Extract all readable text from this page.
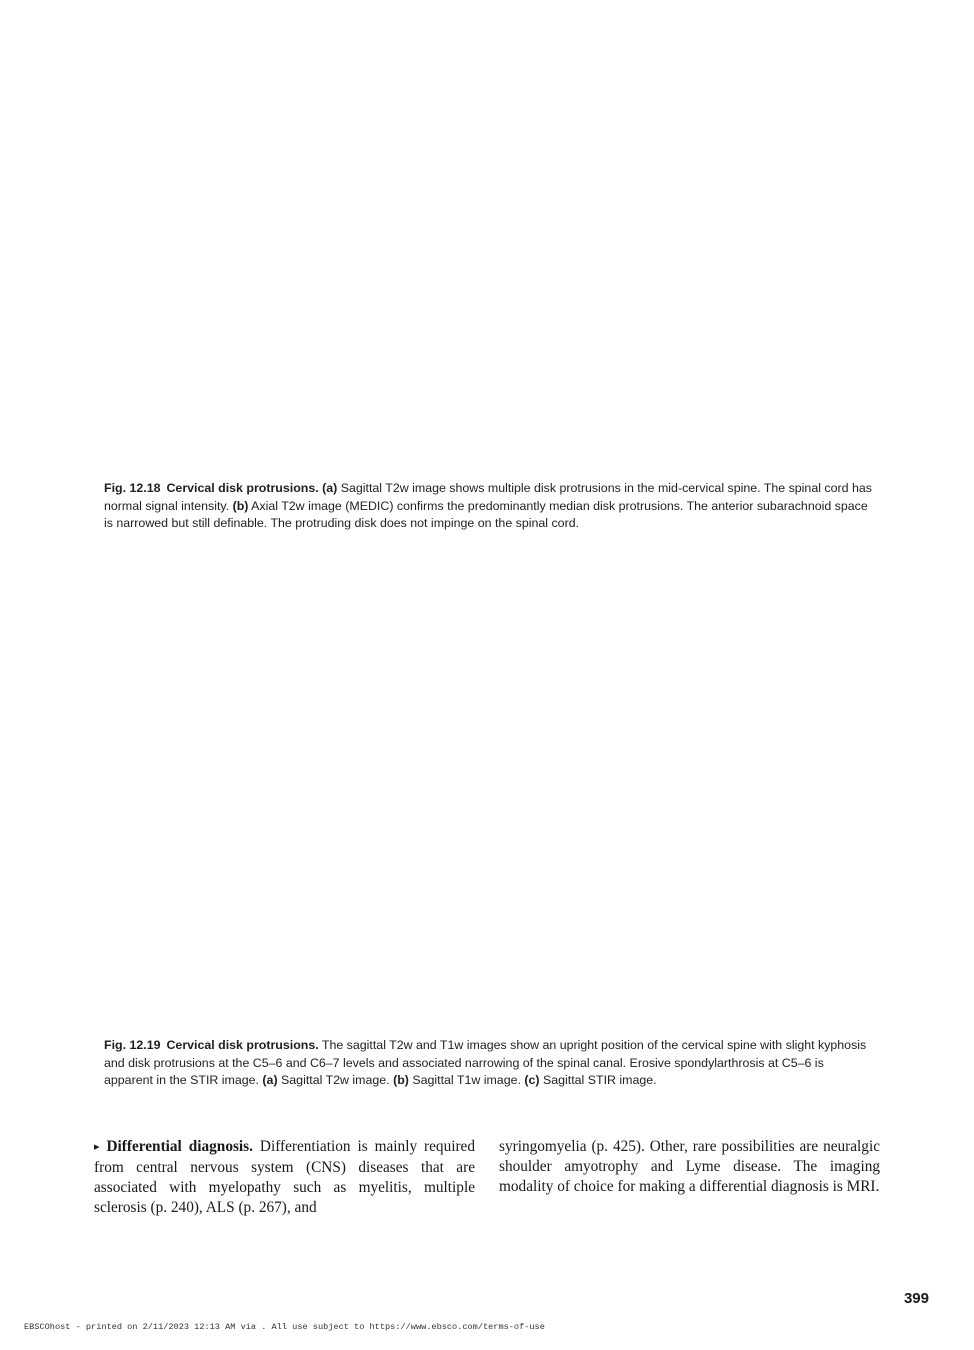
Fig. 12.18 Cervical disk protrusions. (a) Sagittal T2w image shows multiple disk protrusions in the mid-cervical spine. The spinal cord has normal signal intensity. (b) Axial T2w image (MEDIC) confirms the predominantly median disk protrusions. The anterior subarachnoid space is narrowed but still definable. The protruding disk does not impinge on the spinal cord.
Fig. 12.19 Cervical disk protrusions. The sagittal T2w and T1w images show an upright position of the cervical spine with slight kyphosis and disk protrusions at the C5–6 and C6–7 levels and associated narrowing of the spinal canal. Erosive spondylarthrosis at C5–6 is apparent in the STIR image. (a) Sagittal T2w image. (b) Sagittal T1w image. (c) Sagittal STIR image.
▸ Differential diagnosis. Differentiation is mainly required from central nervous system (CNS) diseases that are associated with myelopathy such as myelitis, multiple sclerosis (p. 240), ALS (p. 267), and
syringomyelia (p. 425). Other, rare possibilities are neuralgic shoulder amyotrophy and Lyme disease. The imaging modality of choice for making a differential diagnosis is MRI.
399
EBSCOhost - printed on 2/11/2023 12:13 AM via . All use subject to https://www.ebsco.com/terms-of-use
